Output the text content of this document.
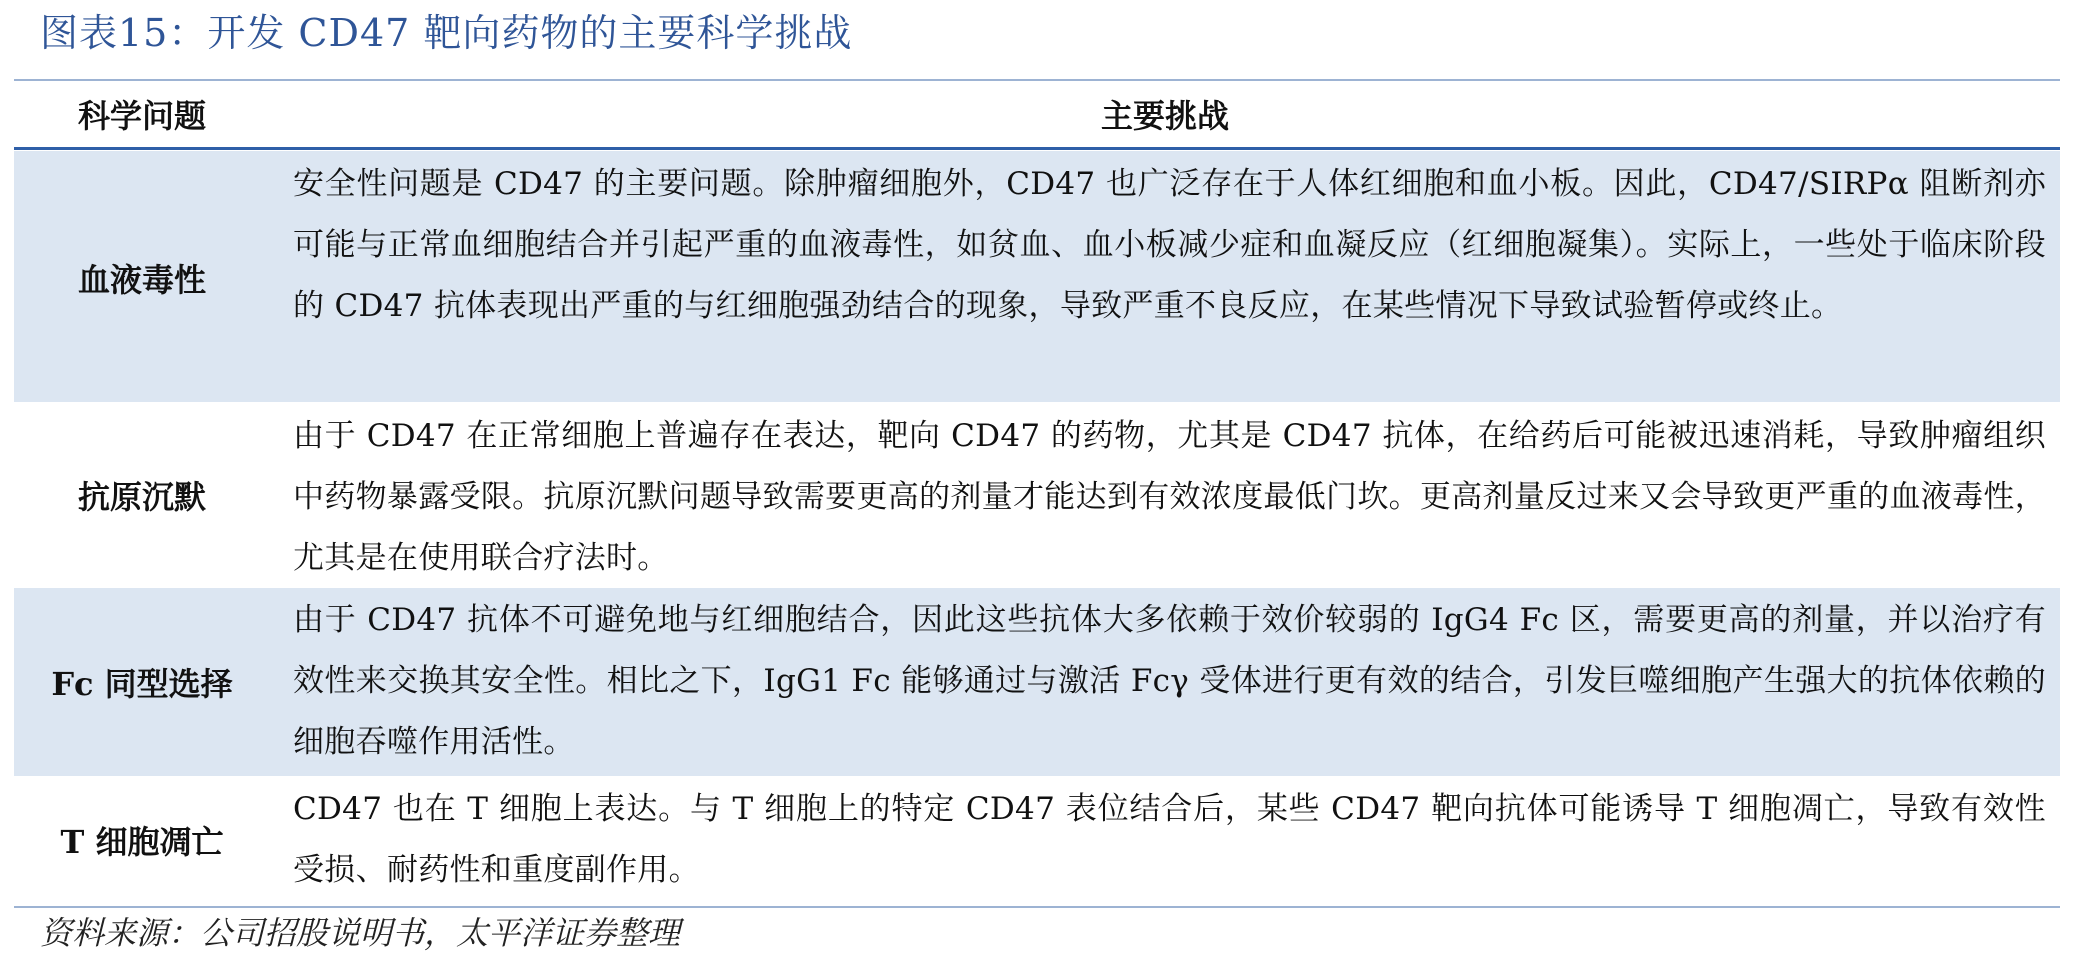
图表15：开发 CD47 靶向药物的主要科学挑战
科学问题	主要挑战
血液毒性
安全性问题是 CD47 的主要问题。除肿瘤细胞外，CD47 也广泛存在于人体红细胞和血小板。因此，CD47/SIRPα 阻断剂亦可能与正常血细胞结合并引起严重的血液毒性，如贫血、血小板减少症和血凝反应（红细胞凝集）。实际上，一些处于临床阶段的 CD47 抗体表现出严重的与红细胞强劲结合的现象，导致严重不良反应，在某些情况下导致试验暂停或终止。
抗原沉默
由于 CD47 在正常细胞上普遍存在表达，靶向 CD47 的药物，尤其是 CD47 抗体，在给药后可能被迅速消耗，导致肿瘤组织中药物暴露受限。抗原沉默问题导致需要更高的剂量才能达到有效浓度最低门坎。更高剂量反过来又会导致更严重的血液毒性，尤其是在使用联合疗法时。
Fc 同型选择
由于 CD47 抗体不可避免地与红细胞结合，因此这些抗体大多依赖于效价较弱的 IgG4 Fc 区，需要更高的剂量，并以治疗有效性来交换其安全性。相比之下，IgG1 Fc 能够通过与激活 Fcγ 受体进行更有效的结合，引发巨噬细胞产生强大的抗体依赖的细胞吞噬作用活性。
T 细胞凋亡
CD47 也在 T 细胞上表达。与 T 细胞上的特定 CD47 表位结合后，某些 CD47 靶向抗体可能诱导 T 细胞凋亡，导致有效性受损、耐药性和重度副作用。
资料来源：公司招股说明书，太平洋证券整理
